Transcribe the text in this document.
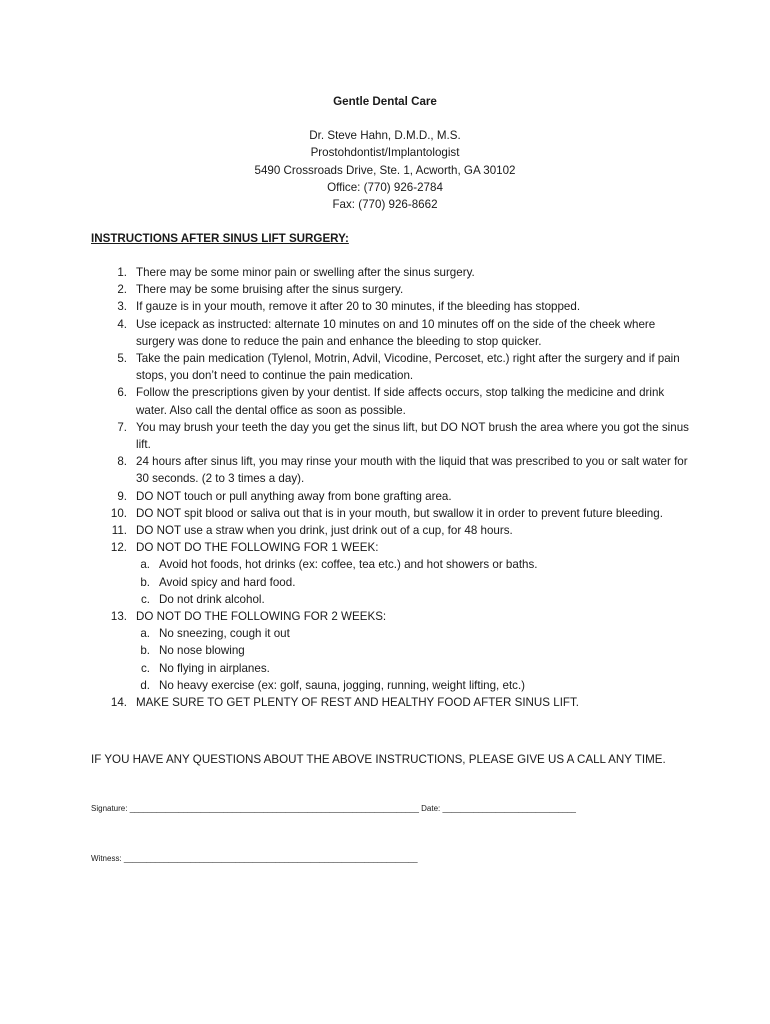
Gentle Dental Care
Dr. Steve Hahn, D.M.D., M.S.
Prostohdontist/Implantologist
5490 Crossroads Drive, Ste. 1, Acworth, GA 30102
Office: (770) 926-2784
Fax: (770) 926-8662
INSTRUCTIONS AFTER SINUS LIFT SURGERY:
1. There may be some minor pain or swelling after the sinus surgery.
2. There may be some bruising after the sinus surgery.
3. If gauze is in your mouth, remove it after 20 to 30 minutes, if the bleeding has stopped.
4. Use icepack as instructed: alternate 10 minutes on and 10 minutes off on the side of the cheek where surgery was done to reduce the pain and enhance the bleeding to stop quicker.
5. Take the pain medication (Tylenol, Motrin, Advil, Vicodine, Percoset, etc.) right after the surgery and if pain stops, you don’t need to continue the pain medication.
6. Follow the prescriptions given by your dentist. If side affects occurs, stop talking the medicine and drink water. Also call the dental office as soon as possible.
7. You may brush your teeth the day you get the sinus lift, but DO NOT brush the area where you got the sinus lift.
8. 24 hours after sinus lift, you may rinse your mouth with the liquid that was prescribed to you or salt water for 30 seconds. (2 to 3 times a day).
9. DO NOT touch or pull anything away from bone grafting area.
10. DO NOT spit blood or saliva out that is in your mouth, but swallow it in order to prevent future bleeding.
11. DO NOT use a straw when you drink, just drink out of a cup, for 48 hours.
12. DO NOT DO THE FOLLOWING FOR 1 WEEK:
a. Avoid hot foods, hot drinks (ex: coffee, tea etc.) and hot showers or baths.
b. Avoid spicy and hard food.
c. Do not drink alcohol.
13. DO NOT DO THE FOLLOWING FOR 2 WEEKS:
a. No sneezing, cough it out
b. No nose blowing
c. No flying in airplanes.
d. No heavy exercise (ex: golf, sauna, jogging, running, weight lifting, etc.)
14. MAKE SURE TO GET PLENTY OF REST AND HEALTHY FOOD AFTER SINUS LIFT.
IF YOU HAVE ANY QUESTIONS ABOUT THE ABOVE INSTRUCTIONS, PLEASE GIVE US A CALL ANY TIME.
Signature: _________________________________________________________________ Date: ______________________________
Witness: __________________________________________________________________
